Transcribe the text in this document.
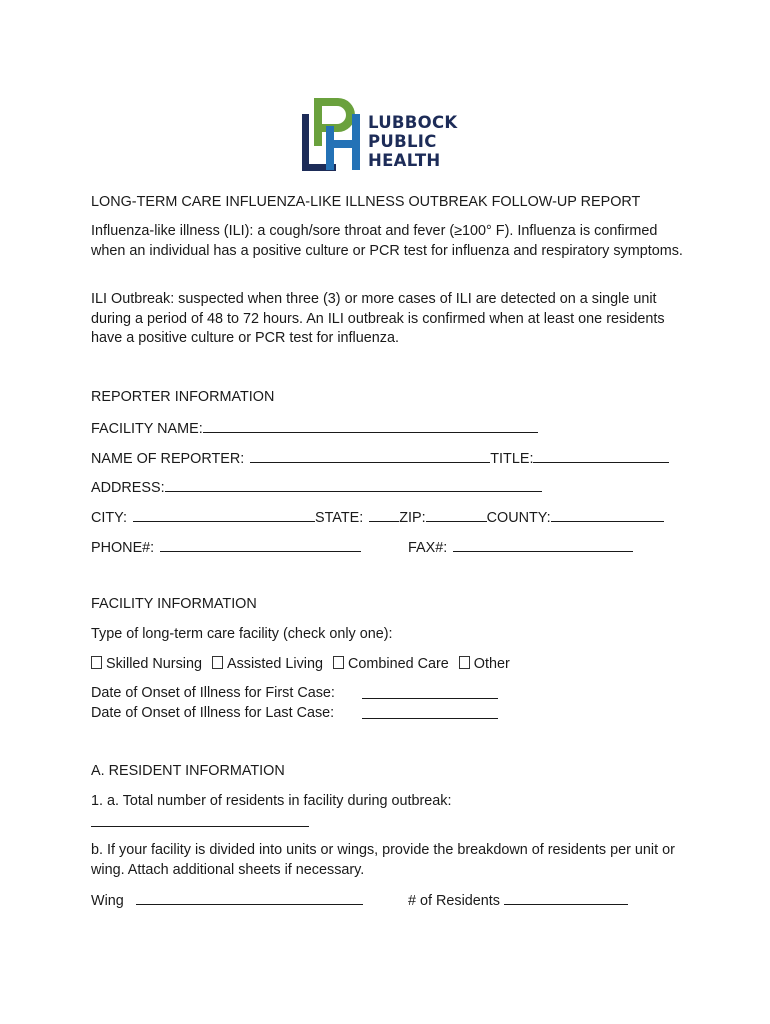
LUBBOCK
PUBLIC
HEALTH
LONG-TERM CARE INFLUENZA-LIKE ILLNESS OUTBREAK FOLLOW-UP REPORT
Influenza-like illness (ILI): a cough/sore throat and fever (≥100° F). Influenza is confirmed when an individual has a positive culture or PCR test for influenza and respiratory symptoms.
ILI Outbreak: suspected when three (3) or more cases of ILI are detected on a single unit during a period of 48 to 72 hours. An ILI outbreak is confirmed when at least one residents have a positive culture or PCR test for influenza.
REPORTER INFORMATION
FACILITY NAME:
NAME OF REPORTER:	TITLE:
ADDRESS:
CITY:	STATE:	ZIP:	COUNTY:
PHONE#:	FAX#:
FACILITY INFORMATION
Type of long-term care facility (check only one):
Skilled Nursing Assisted Living Combined Care Other
Date of Onset of Illness for First Case:
Date of Onset of Illness for Last Case:
A. RESIDENT INFORMATION
1. a. Total number of residents in facility during outbreak:
b. If your facility is divided into units or wings, provide the breakdown of residents per unit or wing. Attach additional sheets if necessary.
Wing	# of Residents
